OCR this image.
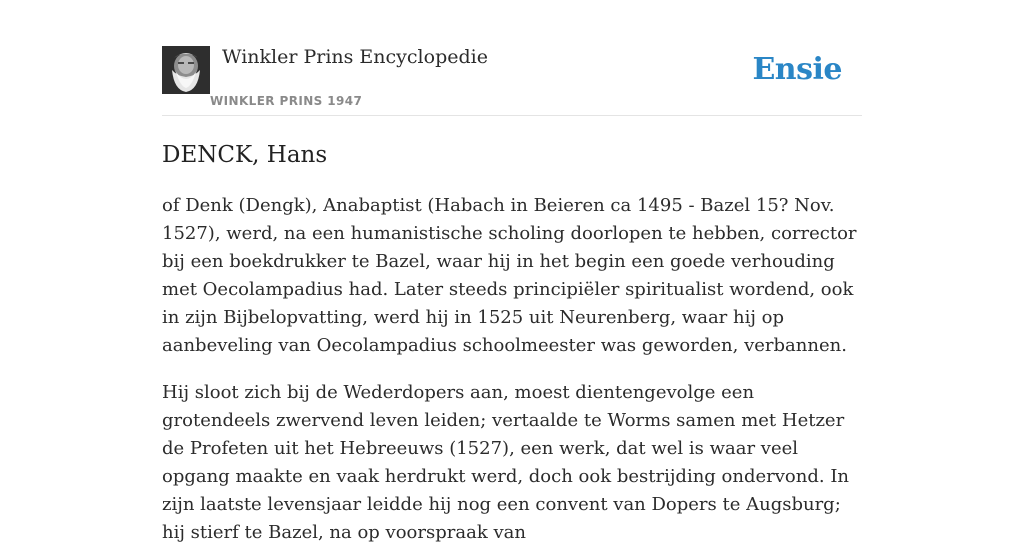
Winkler Prins Encyclopedie
WINKLER PRINS 1947
Ensie
DENCK, Hans

of Denk (Dengk), Anabaptist (Habach in Beieren ca 1495 - Bazel 15? Nov. 1527), werd, na een humanistische scholing doorlopen te hebben, corrector bij een boekdrukker te Bazel, waar hij in het begin een goede verhouding met Oecolampadius had. Later steeds principiëler spiritualist wordend, ook in zijn Bijbelopvatting, werd hij in 1525 uit Neurenberg, waar hij op aanbeveling van Oecolampadius schoolmeester was geworden, verbannen.

Hij sloot zich bij de Wederdopers aan, moest dientengevolge een grotendeels zwervend leven leiden; vertaalde te Worms samen met Hetzer de Profeten uit het Hebreeuws (1527), een werk, dat wel is waar veel opgang maakte en vaak herdrukt werd, doch ook bestrijding ondervond. In zijn laatste levensjaar leidde hij nog een convent van Dopers te Augsburg; hij stierf te Bazel, na op voorspraak van
